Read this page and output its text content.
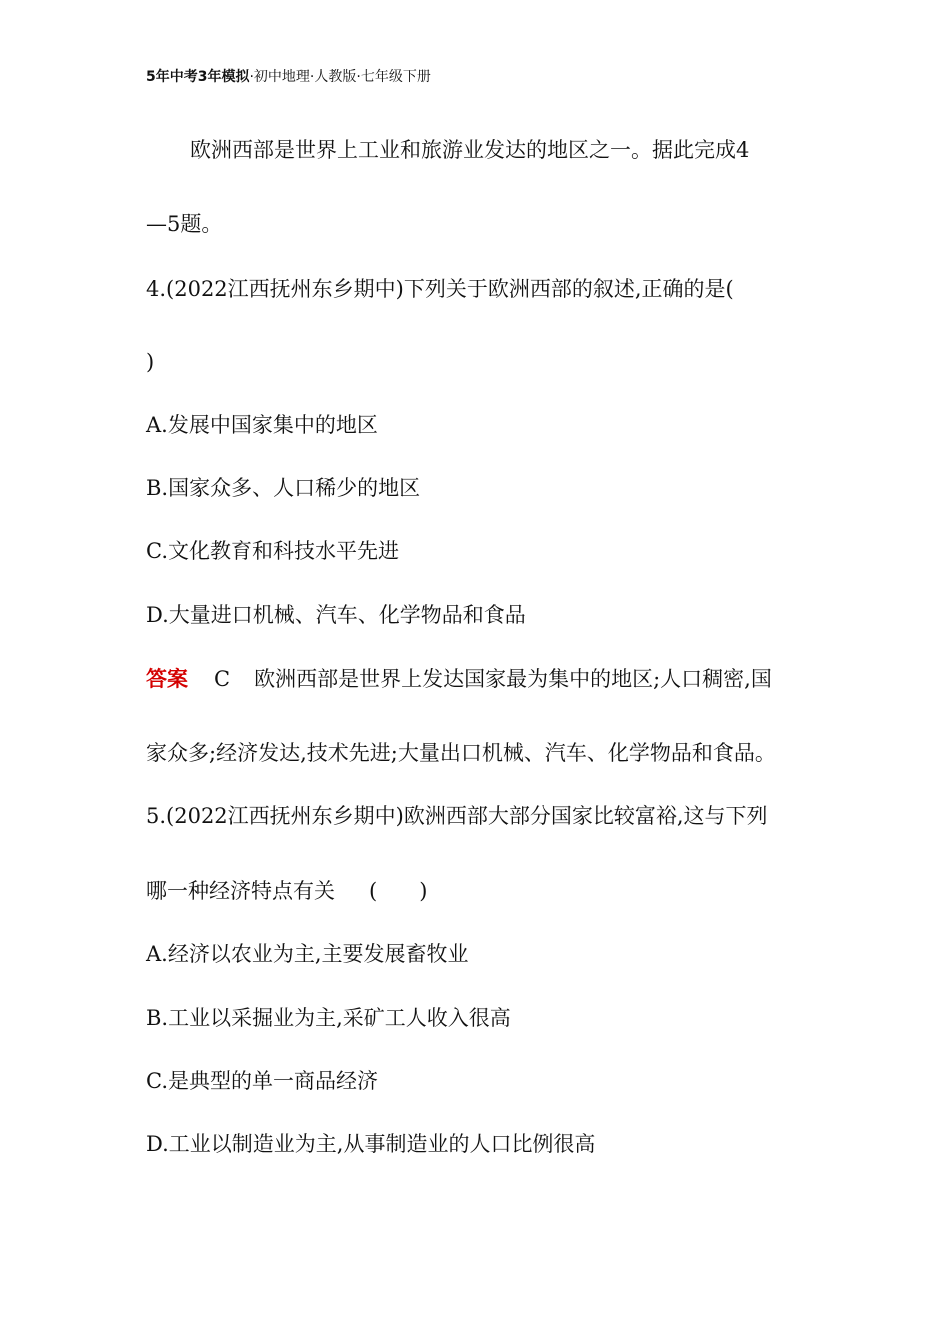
5年中考3年模拟·初中地理·人教版·七年级下册
欧洲西部是世界上工业和旅游业发达的地区之一。据此完成4
—5题。
4.(2022江西抚州东乡期中)下列关于欧洲西部的叙述,正确的是(
)
A.发展中国家集中的地区
B.国家众多、人口稀少的地区
C.文化教育和科技水平先进
D.大量进口机械、汽车、化学物品和食品
答案 C 欧洲西部是世界上发达国家最为集中的地区;人口稠密,国
家众多;经济发达,技术先进;大量出口机械、汽车、化学物品和食品。
5.(2022江西抚州东乡期中)欧洲西部大部分国家比较富裕,这与下列
哪一种经济特点有关 (　　)
A.经济以农业为主,主要发展畜牧业
B.工业以采掘业为主,采矿工人收入很高
C.是典型的单一商品经济
D.工业以制造业为主,从事制造业的人口比例很高
